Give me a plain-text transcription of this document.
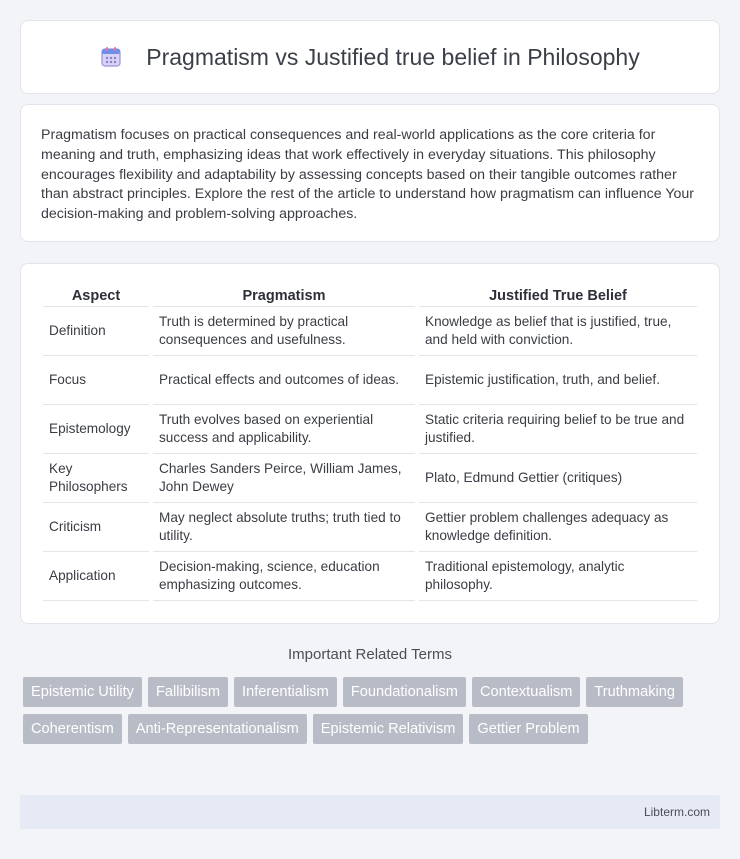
Pragmatism vs Justified true belief in Philosophy

Pragmatism focuses on practical consequences and real-world applications as the core criteria for meaning and truth, emphasizing ideas that work effectively in everyday situations. This philosophy encourages flexibility and adaptability by assessing concepts based on their tangible outcomes rather than abstract principles. Explore the rest of the article to understand how pragmatism can influence Your decision-making and problem-solving approaches.

Aspect	Pragmatism	Justified True Belief
Definition	Truth is determined by practical consequences and usefulness.	Knowledge as belief that is justified, true, and held with conviction.
Focus	Practical effects and outcomes of ideas.	Epistemic justification, truth, and belief.
Epistemology	Truth evolves based on experiential success and applicability.	Static criteria requiring belief to be true and justified.
Key Philosophers	Charles Sanders Peirce, William James, John Dewey	Plato, Edmund Gettier (critiques)
Criticism	May neglect absolute truths; truth tied to utility.	Gettier problem challenges adequacy as knowledge definition.
Application	Decision-making, science, education emphasizing outcomes.	Traditional epistemology, analytic philosophy.
Important Related Terms
Epistemic Utility	Fallibilism	Inferentialism	Foundationalism	Contextualism	Truthmaking
Coherentism	Anti-Representationalism	Epistemic Relativism	Gettier Problem
Libterm.com
